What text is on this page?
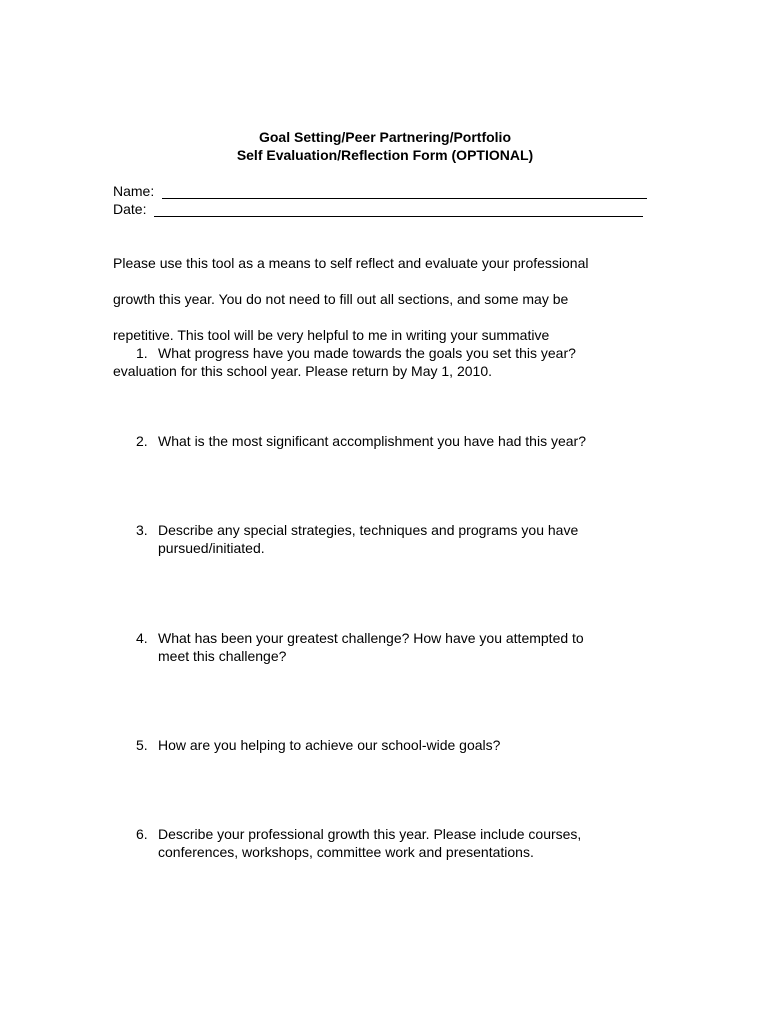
Goal Setting/Peer Partnering/Portfolio
Self Evaluation/Reflection Form (OPTIONAL)
Name:
Date:

Please use this tool as a means to self reflect and evaluate your professional

growth this year. You do not need to fill out all sections, and some may be

repetitive. This tool will be very helpful to me in writing your summative

evaluation for this school year. Please return by May 1, 2010.

1. What progress have you made towards the goals you set this year?
2. What is the most significant accomplishment you have had this year?
3. Describe any special strategies, techniques and programs you have
pursued/initiated.
4. What has been your greatest challenge? How have you attempted to
meet this challenge?
5. How are you helping to achieve our school-wide goals?
6. Describe your professional growth this year. Please include courses,
conferences, workshops, committee work and presentations.
